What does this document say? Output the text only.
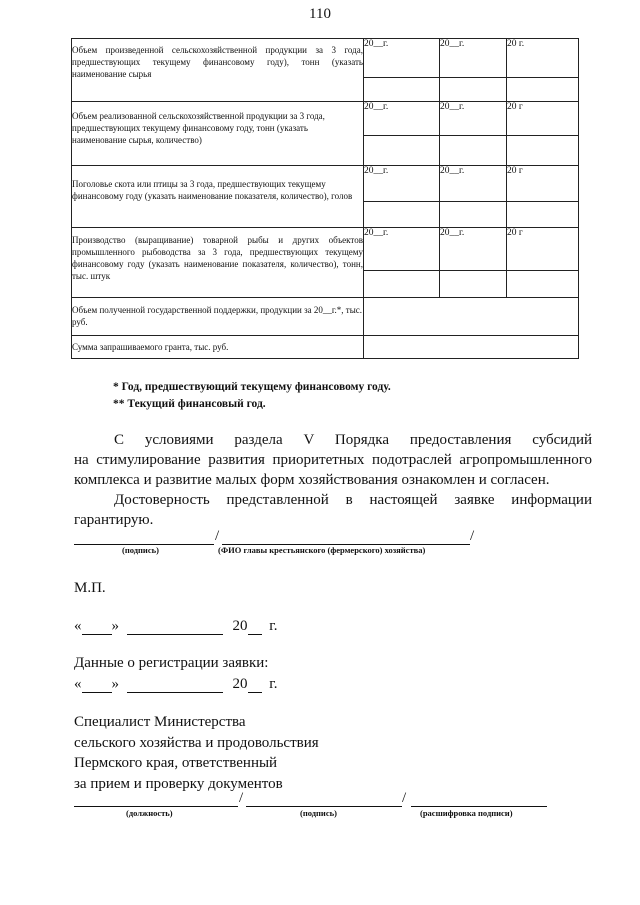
110
Объем произведенной сельскохозяйственной продукции за 3 года, предшествующих текущему финансовому году), тонн (указать наименование сырья	20__г.	20__г.	20 г.

Объем реализованной сельскохозяйственной продукции за 3 года, предшествующих текущему финансовому году, тонн (указать наименование сырья, количество)	20__г.	20__г.	20 г

Поголовье скота или птицы за 3 года, предшествующих текущему финансовому году (указать наименование показателя, количество), голов	20__г.	20__г.	20 г

Производство (выращивание) товарной рыбы и других объектов промышленного рыбоводства за 3 года, предшествующих текущему финансовому году (указать наименование показателя, количество), тонн, тыс. штук	20__г.	20__г.	20 г

Объем полученной государственной поддержки, продукции за 20__г.*, тыс. руб.			
Сумма запрашиваемого гранта, тыс. руб.			
* Год, предшествующий текущему финансовому году.
** Текущий финансовый год.
С условиями раздела V Порядка предоставления субсидий
на стимулирование развития приоритетных подотраслей агропромышленного
комплекса и развитие малых форм хозяйствования ознакомлен и согласен.
Достоверность представленной в настоящей заявке информации
гарантирую.
/	/
(подпись)	(ФИО главы крестьянского (фермерского) хозяйства)
М.П.
« »	20 г.
Данные о регистрации заявки:
« »	20 г.
Специалист Министерства
сельского хозяйства и продовольствия
Пермского края, ответственный
за прием и проверку документов
/	/
(должность)	(подпись)	(расшифровка подписи)
